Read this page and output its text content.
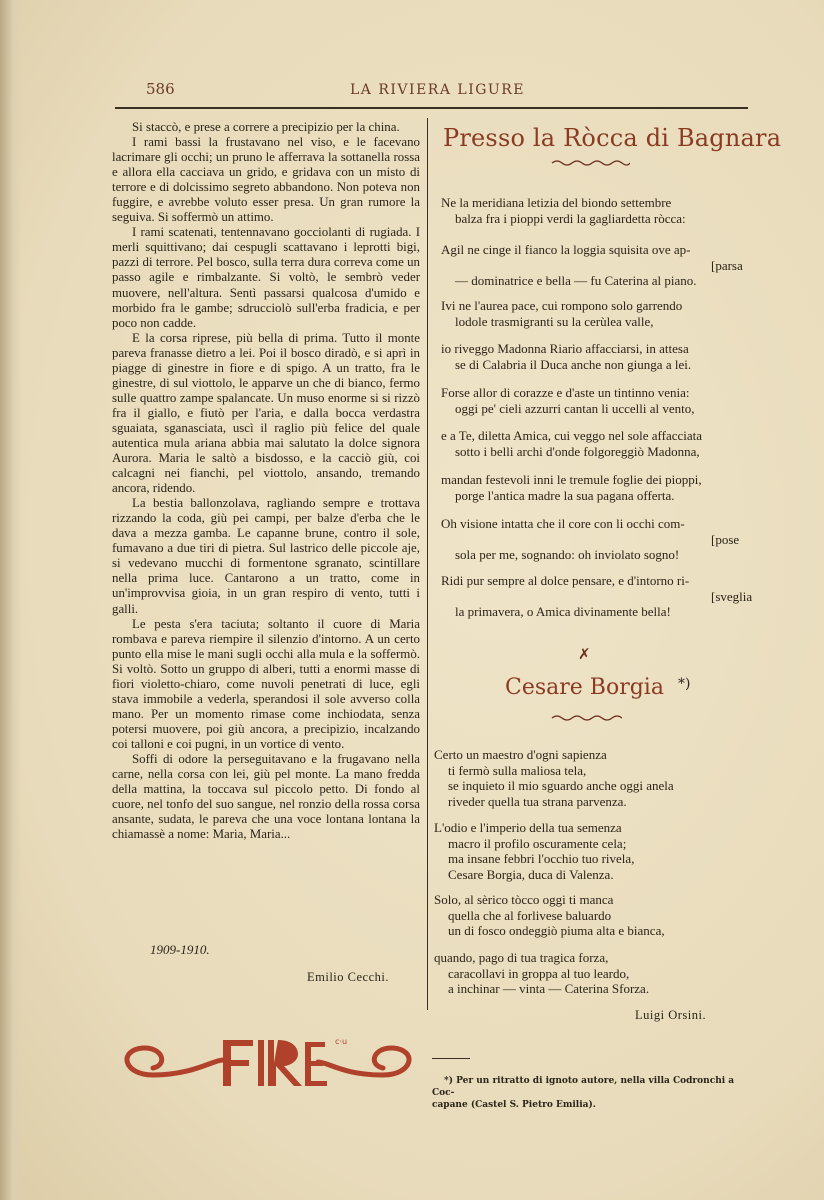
586	LA RIVIERA LIGURE

Si staccò, e prese a correre a precipizio per la china.

I rami bassi la frustavano nel viso, e le facevano lacrimare gli occhi; un pruno le afferrava la sottanella rossa e allora ella cacciava un grido, e gridava con un misto di terrore e di dolcissimo segreto abbandono. Non poteva non fuggire, e avrebbe voluto esser presa. Un gran rumore la seguiva. Si soffermò un attimo.

I rami scatenati, tentennavano gocciolanti di rugiada. I merli squittivano; dai cespugli scattavano i leprotti bigi, pazzi di terrore. Pel bosco, sulla terra dura correva come un passo agile e rimbalzante. Si voltò, le sembrò veder muovere, nell'altura. Sentì passarsi qualcosa d'umido e morbido fra le gambe; sdrucciolò sull'erba fradicia, e per poco non cadde.

E la corsa riprese, più bella di prima. Tutto il monte pareva franasse dietro a lei. Poi il bosco diradò, e si aprì in piagge di ginestre in fiore e di spigo. A un tratto, fra le ginestre, di sul viottolo, le apparve un che di bianco, fermo sulle quattro zampe spalancate. Un muso enorme si si rizzò fra il giallo, e fiutò per l'aria, e dalla bocca verdastra sguaiata, sganasciata, uscì il raglio più felice del quale autentica mula ariana abbia mai salutato la dolce signora Aurora. Maria le saltò a bisdosso, e la cacciò giù, coi calcagni nei fianchi, pel viottolo, ansando, tremando ancora, ridendo.

La bestia ballonzolava, ragliando sempre e trottava rizzando la coda, giù pei campi, per balze d'erba che le dava a mezza gamba. Le capanne brune, contro il sole, fumavano a due tiri di pietra. Sul lastrico delle piccole aje, si vedevano mucchi di formentone sgranato, scintillare nella prima luce. Cantarono a un tratto, come in un'improvvisa gioia, in un gran respiro di vento, tutti i galli.

Le pesta s'era taciuta; soltanto il cuore di Maria rombava e pareva riempire il silenzio d'intorno. A un certo punto ella mise le mani sugli occhi alla mula e la soffermò. Si voltò. Sotto un gruppo di alberi, tutti a enormi masse di fiori violetto-chiaro, come nuvoli penetrati di luce, egli stava immobile a vederla, sperandosi il sole avverso colla mano. Per un momento rimase come inchiodata, senza potersi muovere, poi giù ancora, a precipizio, incalzando coi talloni e coi pugni, in un vortice di vento.

Soffi di odore la perseguitavano e la frugavano nella carne, nella corsa con lei, giù pel monte. La mano fredda della mattina, la toccava sul piccolo petto. Di fondo al cuore, nel tonfo del suo sangue, nel ronzio della rossa corsa ansante, sudata, le pareva che una voce lontana lontana la chiamassè a nome: Maria, Maria...

1909-1910.
Emilio Cecchi.
c·u
Presso la Ròcca di Bagnara
Ne la meridiana letizia del biondo settembre
balza fra i pioppi verdi la gagliardetta ròcca:
Agil ne cinge il fianco la loggia squisita ove ap-
[parsa
— dominatrice e bella — fu Caterina al piano.
Ivi ne l'aurea pace, cui rompono solo garrendo
lodole trasmigranti su la cerùlea valle,
io riveggo Madonna Riario affacciarsi, in attesa
se di Calabria il Duca anche non giunga a lei.
Forse allor di corazze e d'aste un tintinno venia:
oggi pe' cieli azzurri cantan li uccelli al vento,
e a Te, diletta Amica, cui veggo nel sole affacciata
sotto i belli archi d'onde folgoreggiò Madonna,
mandan festevoli inni le tremule foglie dei pioppi,
porge l'antica madre la sua pagana offerta.
Oh visione intatta che il core con li occhi com-
[pose
sola per me, sognando: oh inviolato sogno!
Ridi pur sempre al dolce pensare, e d'intorno ri-
[sveglia
la primavera, o Amica divinamente bella!
✗
Cesare Borgia *)
Certo un maestro d'ogni sapienza
ti fermò sulla maliosa tela,
se inquieto il mio sguardo anche oggi anela
riveder quella tua strana parvenza.
L'odio e l'imperio della tua semenza
macro il profilo oscuramente cela;
ma insane febbri l'occhio tuo rivela,
Cesare Borgia, duca di Valenza.
Solo, al sèrico tòcco oggi ti manca
quella che al forlivese baluardo
un di fosco ondeggiò piuma alta e bianca,
quando, pago di tua tragica forza,
caracollavi in groppa al tuo leardo,
a inchinar — vinta — Caterina Sforza.
Luigi Orsini.
*) Per un ritratto di ignoto autore, nella villa Codronchi a Coc-
capane (Castel S. Pietro Emilia).
